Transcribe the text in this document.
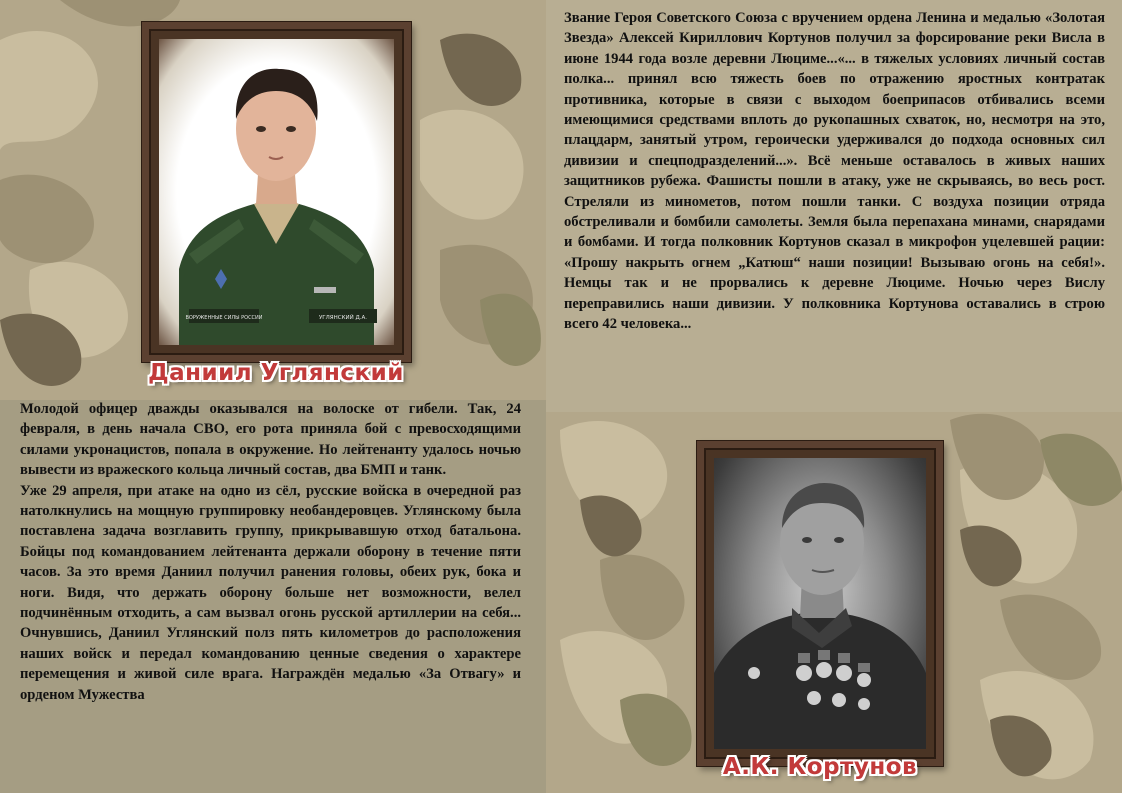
ВОРУЖЕННЫЕ СИЛЫ РОССИИ	УГЛЯНСКИЙ Д.А.
Даниил Углянский
А.К. Кортунов

Звание Героя Советского Союза с вручением ордена Ленина и медалью «Золотая Звезда» Алексей Кириллович Кортунов получил за форсирование реки Висла в июне 1944 года возле деревни Люциме...«... в тяжелых условиях личный состав полка... принял всю тяжесть боев по отражению яростных контратак противника, которые в связи с выходом боеприпасов отбивались всеми имеющимися средствами вплоть до рукопашных схваток, но, несмотря на это, плацдарм, занятый утром, героически удерживался до подхода основных сил дивизии и спецподразделений...». Всё меньше оставалось в живых наших защитников рубежа. Фашисты пошли в атаку, уже не скрываясь, во весь рост. Стреляли из минометов, потом пошли танки. С воздуха позиции отряда обстреливали и бомбили самолеты. Земля была перепахана минами, снарядами и бомбами. И тогда полковник Кортунов сказал в микрофон уцелевшей рации: «Прошу накрыть огнем „Катюш“ наши позиции! Вызываю огонь на себя!». Немцы так и не прорвались к деревне Люциме. Ночью через Вислу переправились наши дивизии. У полковника Кортунова оставались в строю всего 42 человека...

Молодой офицер дважды оказывался на волоске от гибели. Так, 24 февраля, в день начала СВО, его рота приняла бой с превосходящими силами укронацистов, попала в окружение. Но лейтенанту удалось ночью вывести из вражеского кольца личный состав, два БМП и танк.

Уже 29 апреля, при атаке на одно из сёл, русские войска в очередной раз натолкнулись на мощную группировку необандеровцев. Углянскому была поставлена задача возглавить группу, прикрывавшую отход батальона. Бойцы под командованием лейтенанта держали оборону в течение пяти часов. За это время Даниил получил ранения головы, обеих рук, бока и ноги. Видя, что держать оборону больше нет возможности, велел подчинённым отходить, а сам вызвал огонь русской артиллерии на себя... Очнувшись, Даниил Углянский полз пять километров до расположения наших войск и передал командованию ценные сведения о характере перемещения и живой силе врага. Награждён медалью «За Отвагу» и орденом Мужества
